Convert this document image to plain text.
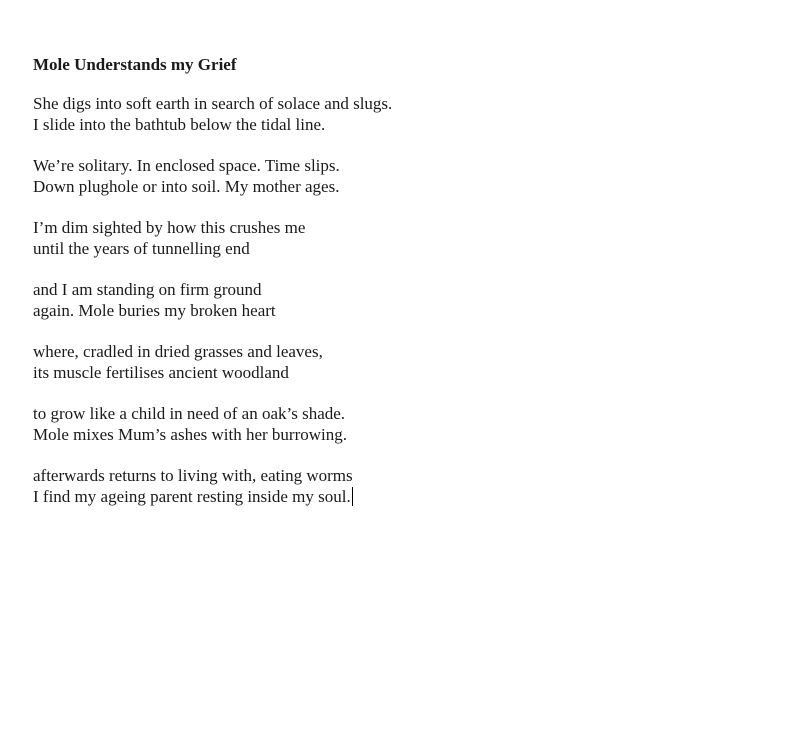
Mole Understands my Grief
She digs into soft earth in search of solace and slugs.
I slide into the bathtub below the tidal line.
We’re solitary. In enclosed space. Time slips.
Down plughole or into soil. My mother ages.
I’m dim sighted by how this crushes me
until the years of tunnelling end
and I am standing on firm ground
again. Mole buries my broken heart
where, cradled in dried grasses and leaves,
its muscle fertilises ancient woodland
to grow like a child in need of an oak’s shade.
Mole mixes Mum’s ashes with her burrowing.
afterwards returns to living with, eating worms
I find my ageing parent resting inside my soul.
